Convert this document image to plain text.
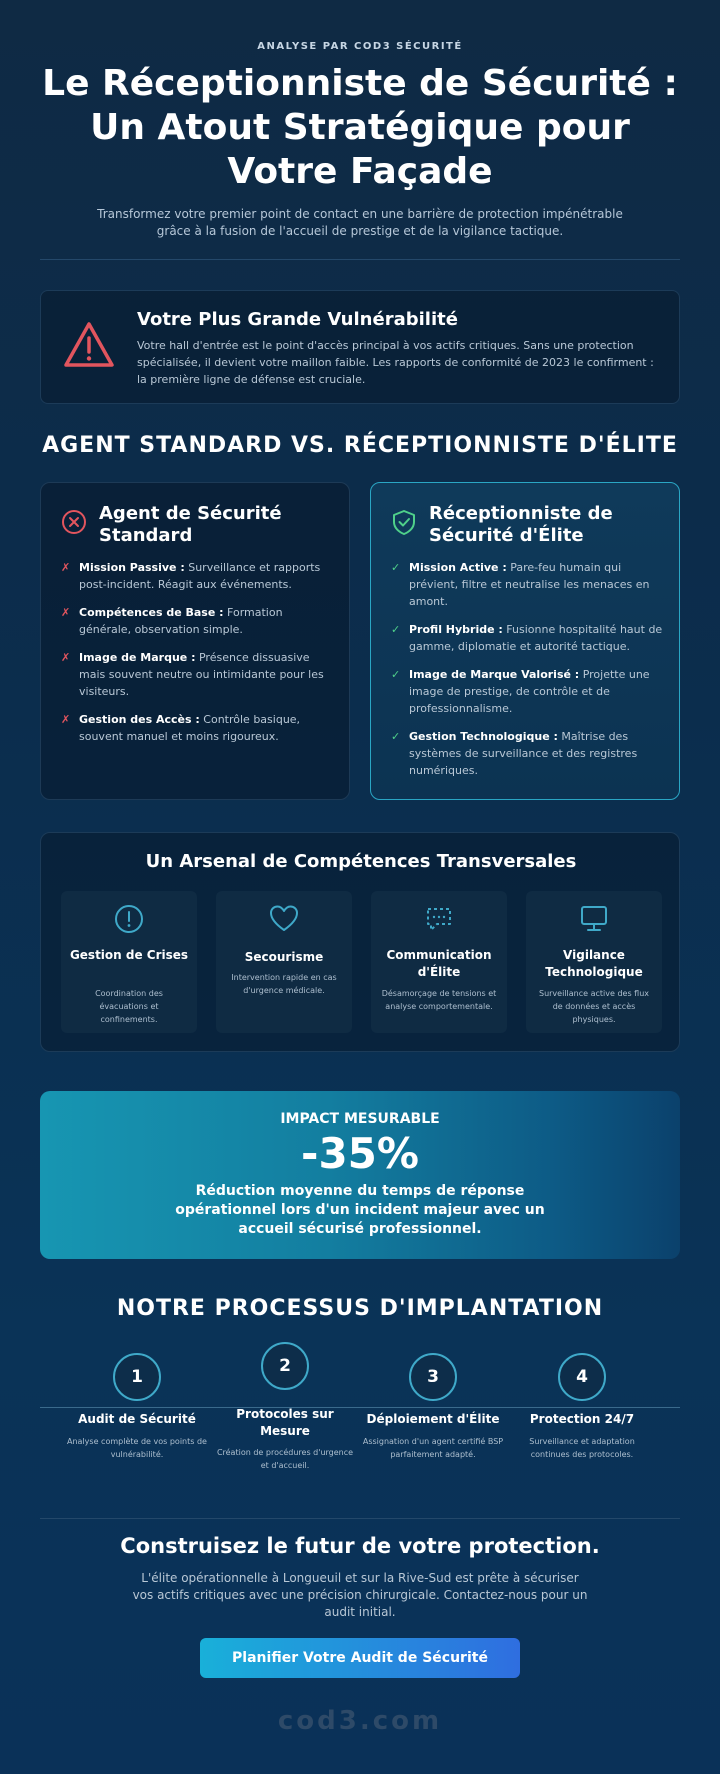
ANALYSE PAR COD3 SÉCURITÉ
Le Réceptionniste de Sécurité :
Un Atout Stratégique pour
Votre Façade

Transformez votre premier point de contact en une barrière de protection impénétrable grâce à la fusion de l'accueil de prestige et de la vigilance tactique.

Votre Plus Grande Vulnérabilité

Votre hall d'entrée est le point d'accès principal à vos actifs critiques. Sans une protection spécialisée, il devient votre maillon faible. Les rapports de conformité de 2023 le confirment : la première ligne de défense est cruciale.

AGENT STANDARD VS. RÉCEPTIONNISTE D'ÉLITE
Agent de Sécurité Standard
✗ Mission Passive : Surveillance et rapports post-incident. Réagit aux événements.
✗ Compétences de Base : Formation générale, observation simple.
✗ Image de Marque : Présence dissuasive mais souvent neutre ou intimidante pour les visiteurs.
✗ Gestion des Accès : Contrôle basique, souvent manuel et moins rigoureux.
Réceptionniste de Sécurité d'Élite
✓ Mission Active : Pare-feu humain qui prévient, filtre et neutralise les menaces en amont.
✓ Profil Hybride : Fusionne hospitalité haut de gamme, diplomatie et autorité tactique.
✓ Image de Marque Valorisé : Projette une image de prestige, de contrôle et de professionnalisme.
✓ Gestion Technologique : Maîtrise des systèmes de surveillance et des registres numériques.
Un Arsenal de Compétences Transversales
Gestion de Crises
Coordination des évacuations et confinements.
Secourisme
Intervention rapide en cas d'urgence médicale.
Communication d'Élite
Désamorçage de tensions et analyse comportementale.
Vigilance Technologique
Surveillance active des flux de données et accès physiques.
IMPACT MESURABLE
-35%
Réduction moyenne du temps de réponse opérationnel lors d'un incident majeur avec un accueil sécurisé professionnel.
NOTRE PROCESSUS D'IMPLANTATION
1
Audit de Sécurité
Analyse complète de vos points de vulnérabilité.
2
Protocoles sur Mesure
Création de procédures d'urgence et d'accueil.
3
Déploiement d'Élite
Assignation d'un agent certifié BSP parfaitement adapté.
4
Protection 24/7
Surveillance et adaptation continues des protocoles.
Construisez le futur de votre protection.

L'élite opérationnelle à Longueuil et sur la Rive-Sud est prête à sécuriser vos actifs critiques avec une précision chirurgicale. Contactez-nous pour un audit initial.

Planifier Votre Audit de Sécurité
cod3.com
